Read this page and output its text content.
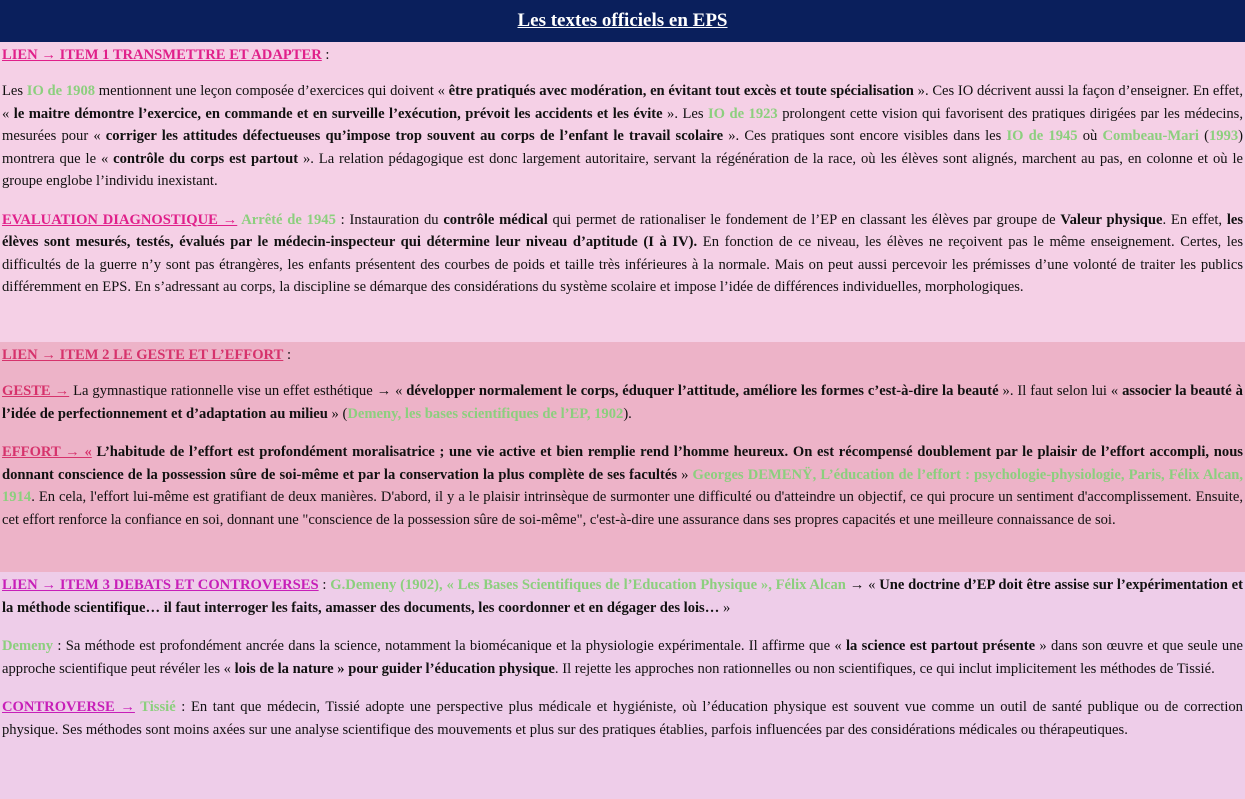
Les textes officiels en EPS

LIEN → ITEM 1 TRANSMETTRE ET ADAPTER :

Les IO de 1908 mentionnent une leçon composée d’exercices qui doivent « être pratiqués avec modération, en évitant tout excès et toute spécialisation ». Ces IO décrivent aussi la façon d’enseigner. En effet, « le maitre démontre l’exercice, en commande et en surveille l’exécution, prévoit les accidents et les évite ». Les IO de 1923 prolongent cette vision qui favorisent des pratiques dirigées par les médecins, mesurées pour « corriger les attitudes défectueuses qu’impose trop souvent au corps de l’enfant le travail scolaire ». Ces pratiques sont encore visibles dans les IO de 1945 où Combeau-Mari (1993) montrera que le « contrôle du corps est partout ». La relation pédagogique est donc largement autoritaire, servant la régénération de la race, où les élèves sont alignés, marchent au pas, en colonne et où le groupe englobe l’individu inexistant.

EVALUATION DIAGNOSTIQUE → Arrêté de 1945 : Instauration du contrôle médical qui permet de rationaliser le fondement de l’EP en classant les élèves par groupe de Valeur physique. En effet, les élèves sont mesurés, testés, évalués par le médecin-inspecteur qui détermine leur niveau d’aptitude (I à IV). En fonction de ce niveau, les élèves ne reçoivent pas le même enseignement. Certes, les difficultés de la guerre n’y sont pas étrangères, les enfants présentent des courbes de poids et taille très inférieures à la normale. Mais on peut aussi percevoir les prémisses d’une volonté de traiter les publics différemment en EPS. En s’adressant au corps, la discipline se démarque des considérations du système scolaire et impose l’idée de différences individuelles, morphologiques.

LIEN → ITEM 2 LE GESTE ET L’EFFORT :

GESTE → La gymnastique rationnelle vise un effet esthétique → « développer normalement le corps, éduquer l’attitude, améliore les formes c’est-à-dire la beauté ». Il faut selon lui « associer la beauté à l’idée de perfectionnement et d’adaptation au milieu » (Demeny, les bases scientifiques de l’EP, 1902).

EFFORT → « L’habitude de l’effort est profondément moralisatrice ; une vie active et bien remplie rend l’homme heureux. On est récompensé doublement par le plaisir de l’effort accompli, nous donnant conscience de la possession sûre de soi-même et par la conservation la plus complète de ses facultés » Georges DEMENŸ, L’éducation de l’effort : psychologie-physiologie, Paris, Félix Alcan, 1914. En cela, l'effort lui-même est gratifiant de deux manières. D'abord, il y a le plaisir intrinsèque de surmonter une difficulté ou d'atteindre un objectif, ce qui procure un sentiment d'accomplissement. Ensuite, cet effort renforce la confiance en soi, donnant une "conscience de la possession sûre de soi-même", c'est-à-dire une assurance dans ses propres capacités et une meilleure connaissance de soi.

LIEN → ITEM 3 DEBATS ET CONTROVERSES : G.Demeny (1902), « Les Bases Scientifiques de l’Education Physique », Félix Alcan → « Une doctrine d’EP doit être assise sur l’expérimentation et la méthode scientifique… il faut interroger les faits, amasser des documents, les coordonner et en dégager des lois… »

Demeny : Sa méthode est profondément ancrée dans la science, notamment la biomécanique et la physiologie expérimentale. Il affirme que « la science est partout présente » dans son œuvre et que seule une approche scientifique peut révéler les « lois de la nature » pour guider l’éducation physique. Il rejette les approches non rationnelles ou non scientifiques, ce qui inclut implicitement les méthodes de Tissié.

CONTROVERSE → Tissié : En tant que médecin, Tissié adopte une perspective plus médicale et hygiéniste, où l’éducation physique est souvent vue comme un outil de santé publique ou de correction physique. Ses méthodes sont moins axées sur une analyse scientifique des mouvements et plus sur des pratiques établies, parfois influencées par des considérations médicales ou thérapeutiques.
